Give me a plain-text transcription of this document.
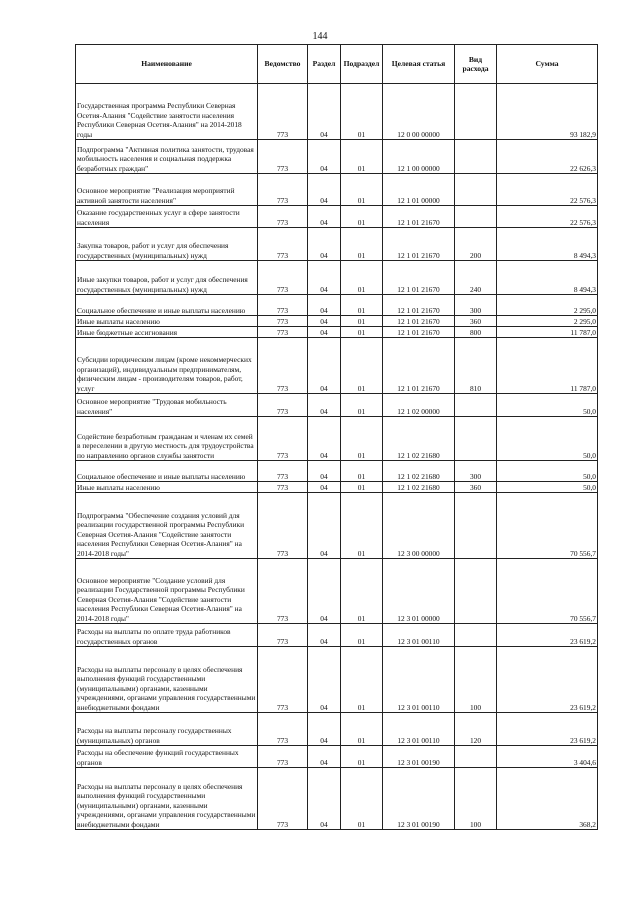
144
Наименование	Ведомство	Раздел	Подраздел	Целевая статья	Вид расхода	Сумма
Государственная программа Республики Северная Осетия-Алания "Содействие занятости населения Республики Северная Осетия-Алания" на 2014-2018 годы	773	04	01	12 0 00 00000		93 182,9
Подпрограмма "Активная политика занятости, трудовая мобильность населения и социальная поддержка безработных граждан"	773	04	01	12 1 00 00000		22 626,3
Основное мероприятие "Реализация мероприятий активной занятости населения"	773	04	01	12 1 01 00000		22 576,3
Оказание государственных услуг в сфере занятости населения	773	04	01	12 1 01 21670		22 576,3
Закупка товаров, работ и услуг для обеспечения государственных (муниципальных) нужд	773	04	01	12 1 01 21670	200	8 494,3
Иные закупки товаров, работ и услуг для обеспечения государственных (муниципальных) нужд	773	04	01	12 1 01 21670	240	8 494,3
Социальное обеспечение и иные выплаты населению	773	04	01	12 1 01 21670	300	2 295,0
Иные выплаты населению	773	04	01	12 1 01 21670	360	2 295,0
Иные бюджетные ассигнования	773	04	01	12 1 01 21670	800	11 787,0
Субсидии юридическим лицам (кроме некоммерческих организаций), индивидуальным предпринимателям, физическим лицам - производителям товаров, работ, услуг	773	04	01	12 1 01 21670	810	11 787,0
Основное мероприятие "Трудовая мобильность населения"	773	04	01	12 1 02 00000		50,0
Содействие безработным гражданам и членам их семей в переселении в другую местность для трудоустройства по направлению органов службы занятости	773	04	01	12 1 02 21680		50,0
Социальное обеспечение и иные выплаты населению	773	04	01	12 1 02 21680	300	50,0
Иные выплаты населению	773	04	01	12 1 02 21680	360	50,0
Подпрограмма "Обеспечение создания условий для реализации государственной программы Республики Северная Осетия-Алания "Содействие занятости населения Республики Северная Осетия-Алания" на 2014-2018 годы"	773	04	01	12 3 00 00000		70 556,7
Основное мероприятие "Создание условий для реализации Государственной программы Республики Северная Осетия-Алания "Содействие занятости населения Республики Северная Осетия-Алания" на 2014-2018 годы"	773	04	01	12 3 01 00000		70 556,7
Расходы на выплаты по оплате труда работников государственных органов	773	04	01	12 3 01 00110		23 619,2
Расходы на выплаты персоналу в целях обеспечения выполнения функций государственными (муниципальными) органами, казенными учреждениями, органами управления государственными внебюджетными фондами	773	04	01	12 3 01 00110	100	23 619,2
Расходы на выплаты персоналу государственных (муниципальных) органов	773	04	01	12 3 01 00110	120	23 619,2
Расходы на обеспечение функций государственных органов	773	04	01	12 3 01 00190		3 404,6
Расходы на выплаты персоналу в целях обеспечения выполнения функций государственными (муниципальными) органами, казенными учреждениями, органами управления государственными внебюджетными фондами	773	04	01	12 3 01 00190	100	368,2
